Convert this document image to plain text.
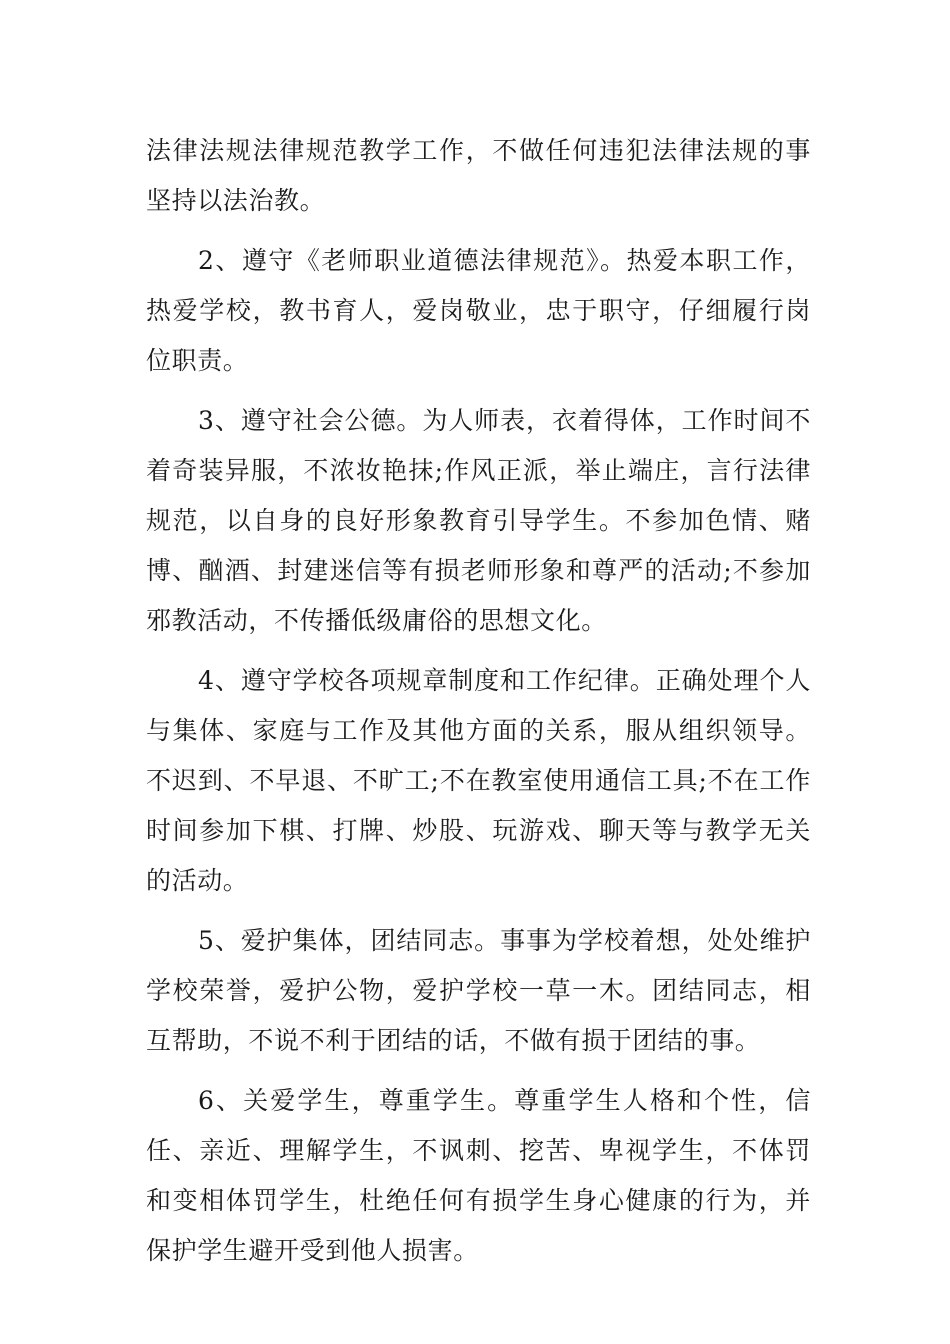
法律法规法律规范教学工作，不做任何违犯法律法规的事坚持以法治教。

2、遵守《老师职业道德法律规范》。热爱本职工作，热爱学校，教书育人，爱岗敬业，忠于职守，仔细履行岗位职责。

3、遵守社会公德。为人师表，衣着得体，工作时间不着奇装异服，不浓妆艳抹;作风正派，举止端庄，言行法律规范，以自身的良好形象教育引导学生。不参加色情、赌博、酗酒、封建迷信等有损老师形象和尊严的活动;不参加邪教活动，不传播低级庸俗的思想文化。

4、遵守学校各项规章制度和工作纪律。正确处理个人与集体、家庭与工作及其他方面的关系，服从组织领导。不迟到、不早退、不旷工;不在教室使用通信工具;不在工作时间参加下棋、打牌、炒股、玩游戏、聊天等与教学无关的活动。

5、爱护集体，团结同志。事事为学校着想，处处维护学校荣誉，爱护公物，爱护学校一草一木。团结同志，相互帮助，不说不利于团结的话，不做有损于团结的事。

6、关爱学生，尊重学生。尊重学生人格和个性，信任、亲近、理解学生，不讽刺、挖苦、卑视学生，不体罚和变相体罚学生，杜绝任何有损学生身心健康的行为，并保护学生避开受到他人损害。
